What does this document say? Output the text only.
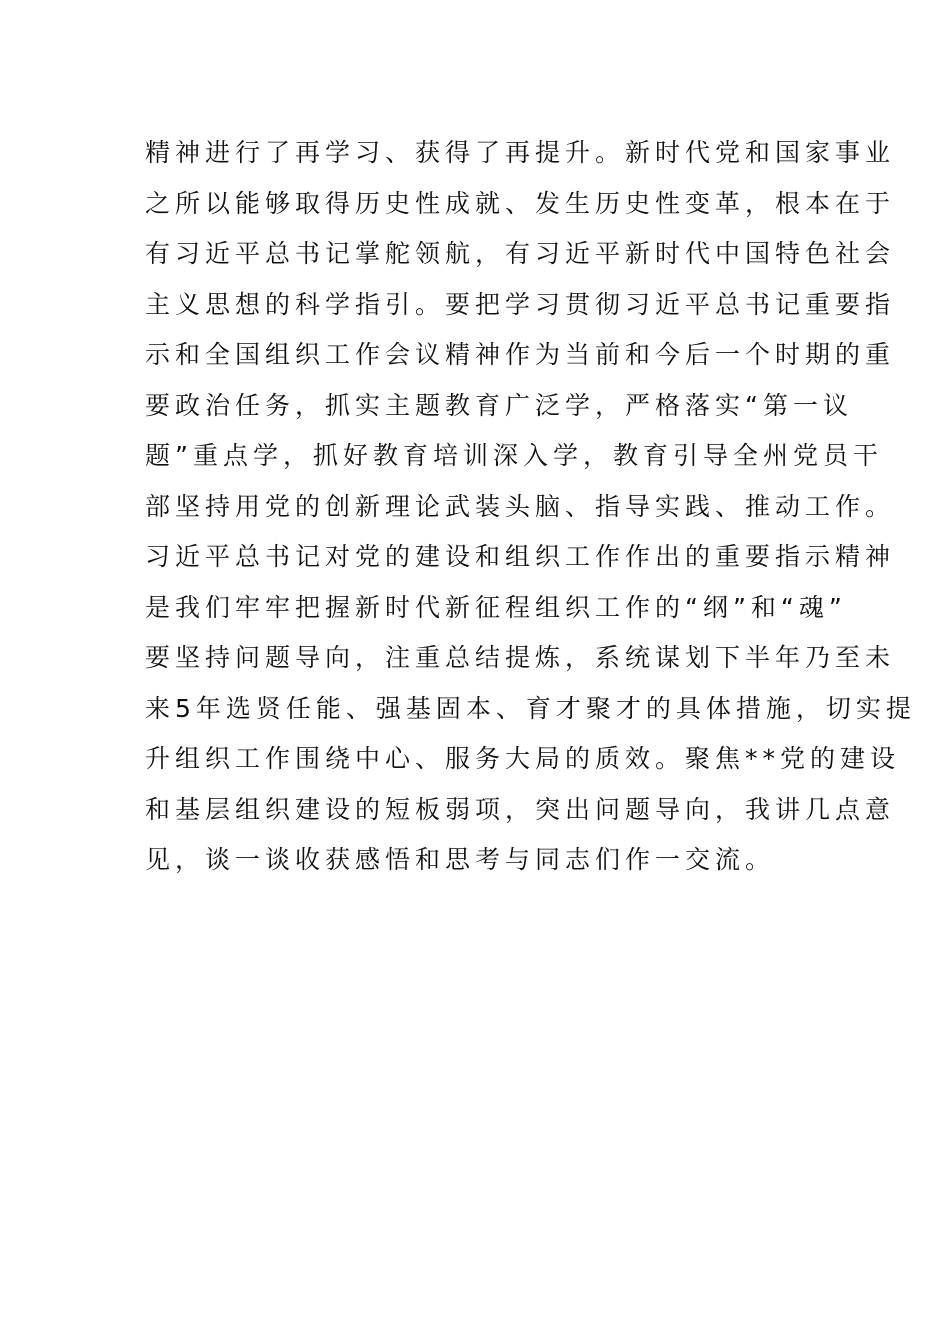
精神进行了再学习、获得了再提升。新时代党和国家事业
之所以能够取得历史性成就、发生历史性变革，根本在于
有习近平总书记掌舵领航，有习近平新时代中国特色社会
主义思想的科学指引。要把学习贯彻习近平总书记重要指
示和全国组织工作会议精神作为当前和今后一个时期的重
要政治任务，抓实主题教育广泛学，严格落实“第一议
题”重点学，抓好教育培训深入学，教育引导全州党员干
部坚持用党的创新理论武装头脑、指导实践、推动工作。
习近平总书记对党的建设和组织工作作出的重要指示精神
是我们牢牢把握新时代新征程组织工作的“纲”和“魂”
要坚持问题导向，注重总结提炼，系统谋划下半年乃至未
来5年选贤任能、强基固本、育才聚才的具体措施，切实提
升组织工作围绕中心、服务大局的质效。聚焦**党的建设
和基层组织建设的短板弱项，突出问题导向，我讲几点意
见，谈一谈收获感悟和思考与同志们作一交流。
